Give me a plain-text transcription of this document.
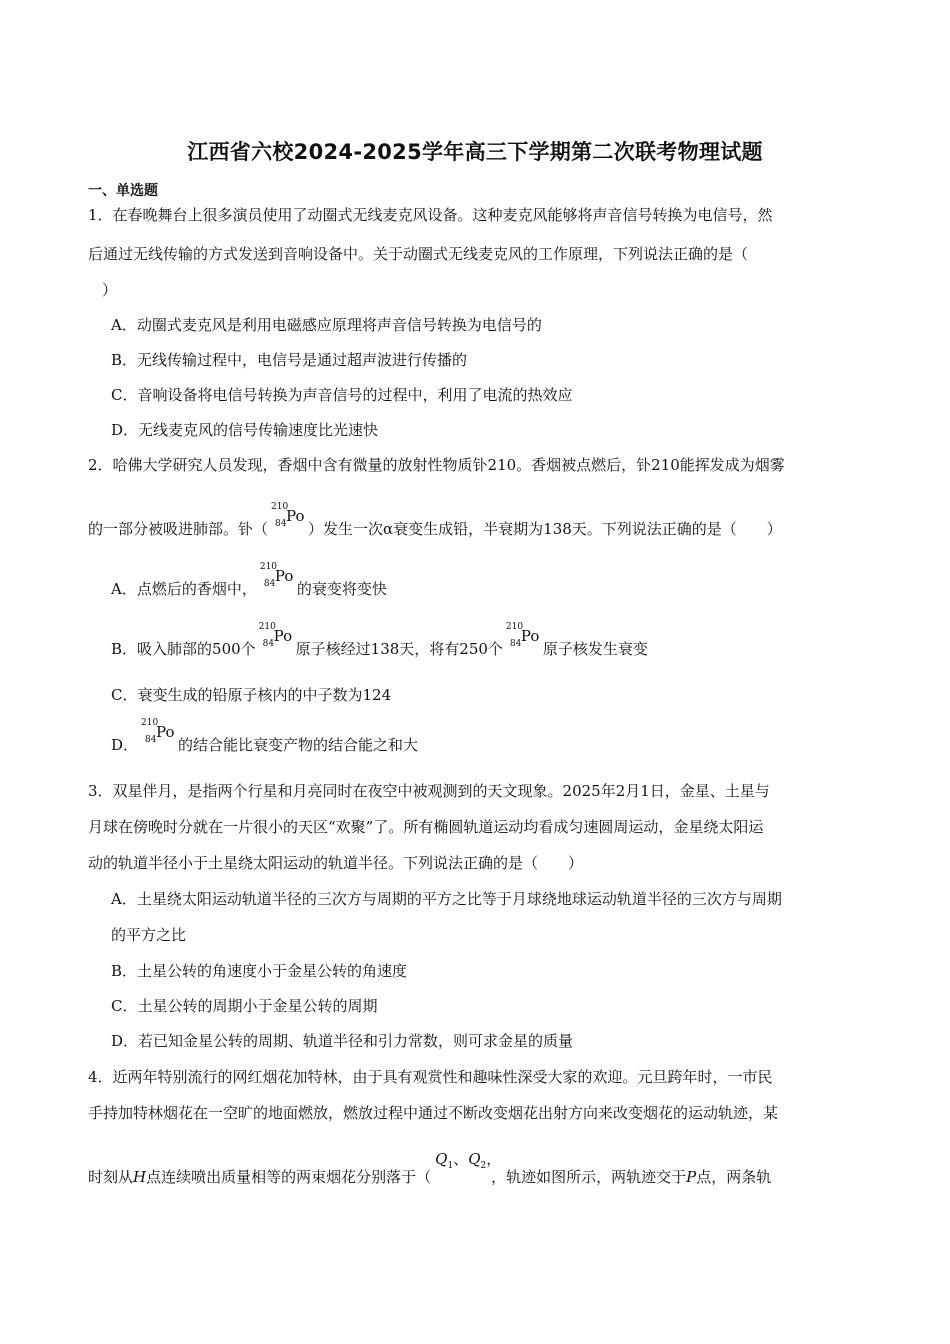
江西省六校2024-2025学年高三下学期第二次联考物理试题
一、单选题
1．在春晚舞台上很多演员使用了动圈式无线麦克风设备。这种麦克风能够将声音信号转换为电信号，然
后通过无线传输的方式发送到音响设备中。关于动圈式无线麦克风的工作原理，下列说法正确的是（
）
A．动圈式麦克风是利用电磁感应原理将声音信号转换为电信号的
B．无线传输过程中，电信号是通过超声波进行传播的
C．音响设备将电信号转换为声音信号的过程中，利用了电流的热效应
D．无线麦克风的信号传输速度比光速快
2．哈佛大学研究人员发现，香烟中含有微量的放射性物质钋210。香烟被点燃后，钋210能挥发成为烟雾
的一部分被吸进肺部。钋（
210
84 Po
）发生一次α衰变生成铅，半衰期为138天。下列说法正确的是（　　）
A．点燃后的香烟中，
210
84 Po
的衰变将变快
B．吸入肺部的500个
210
84 Po
原子核经过138天，将有250个
210
84 Po
原子核发生衰变
C．衰变生成的铅原子核内的中子数为124
D．
210
84 Po
的结合能比衰变产物的结合能之和大
3．双星伴月，是指两个行星和月亮同时在夜空中被观测到的天文现象。2025年2月1日，金星、土星与
月球在傍晚时分就在一片很小的天区“欢聚”了。所有椭圆轨道运动均看成匀速圆周运动，金星绕太阳运
动的轨道半径小于土星绕太阳运动的轨道半径。下列说法正确的是（　　）
A．土星绕太阳运动轨道半径的三次方与周期的平方之比等于月球绕地球运动轨道半径的三次方与周期
的平方之比
B．土星公转的角速度小于金星公转的角速度
C．土星公转的周期小于金星公转的周期
D．若已知金星公转的周期、轨道半径和引力常数，则可求金星的质量
4．近两年特别流行的网红烟花加特林，由于具有观赏性和趣味性深受大家的欢迎。元旦跨年时，一市民
手持加特林烟花在一空旷的地面燃放，燃放过程中通过不断改变烟花出射方向来改变烟花的运动轨迹，某
时刻从H点连续喷出质量相等的两束烟花分别落于（
$Q_1$、$Q_2$，
，轨迹如图所示，两轨迹交于P点，两条轨
